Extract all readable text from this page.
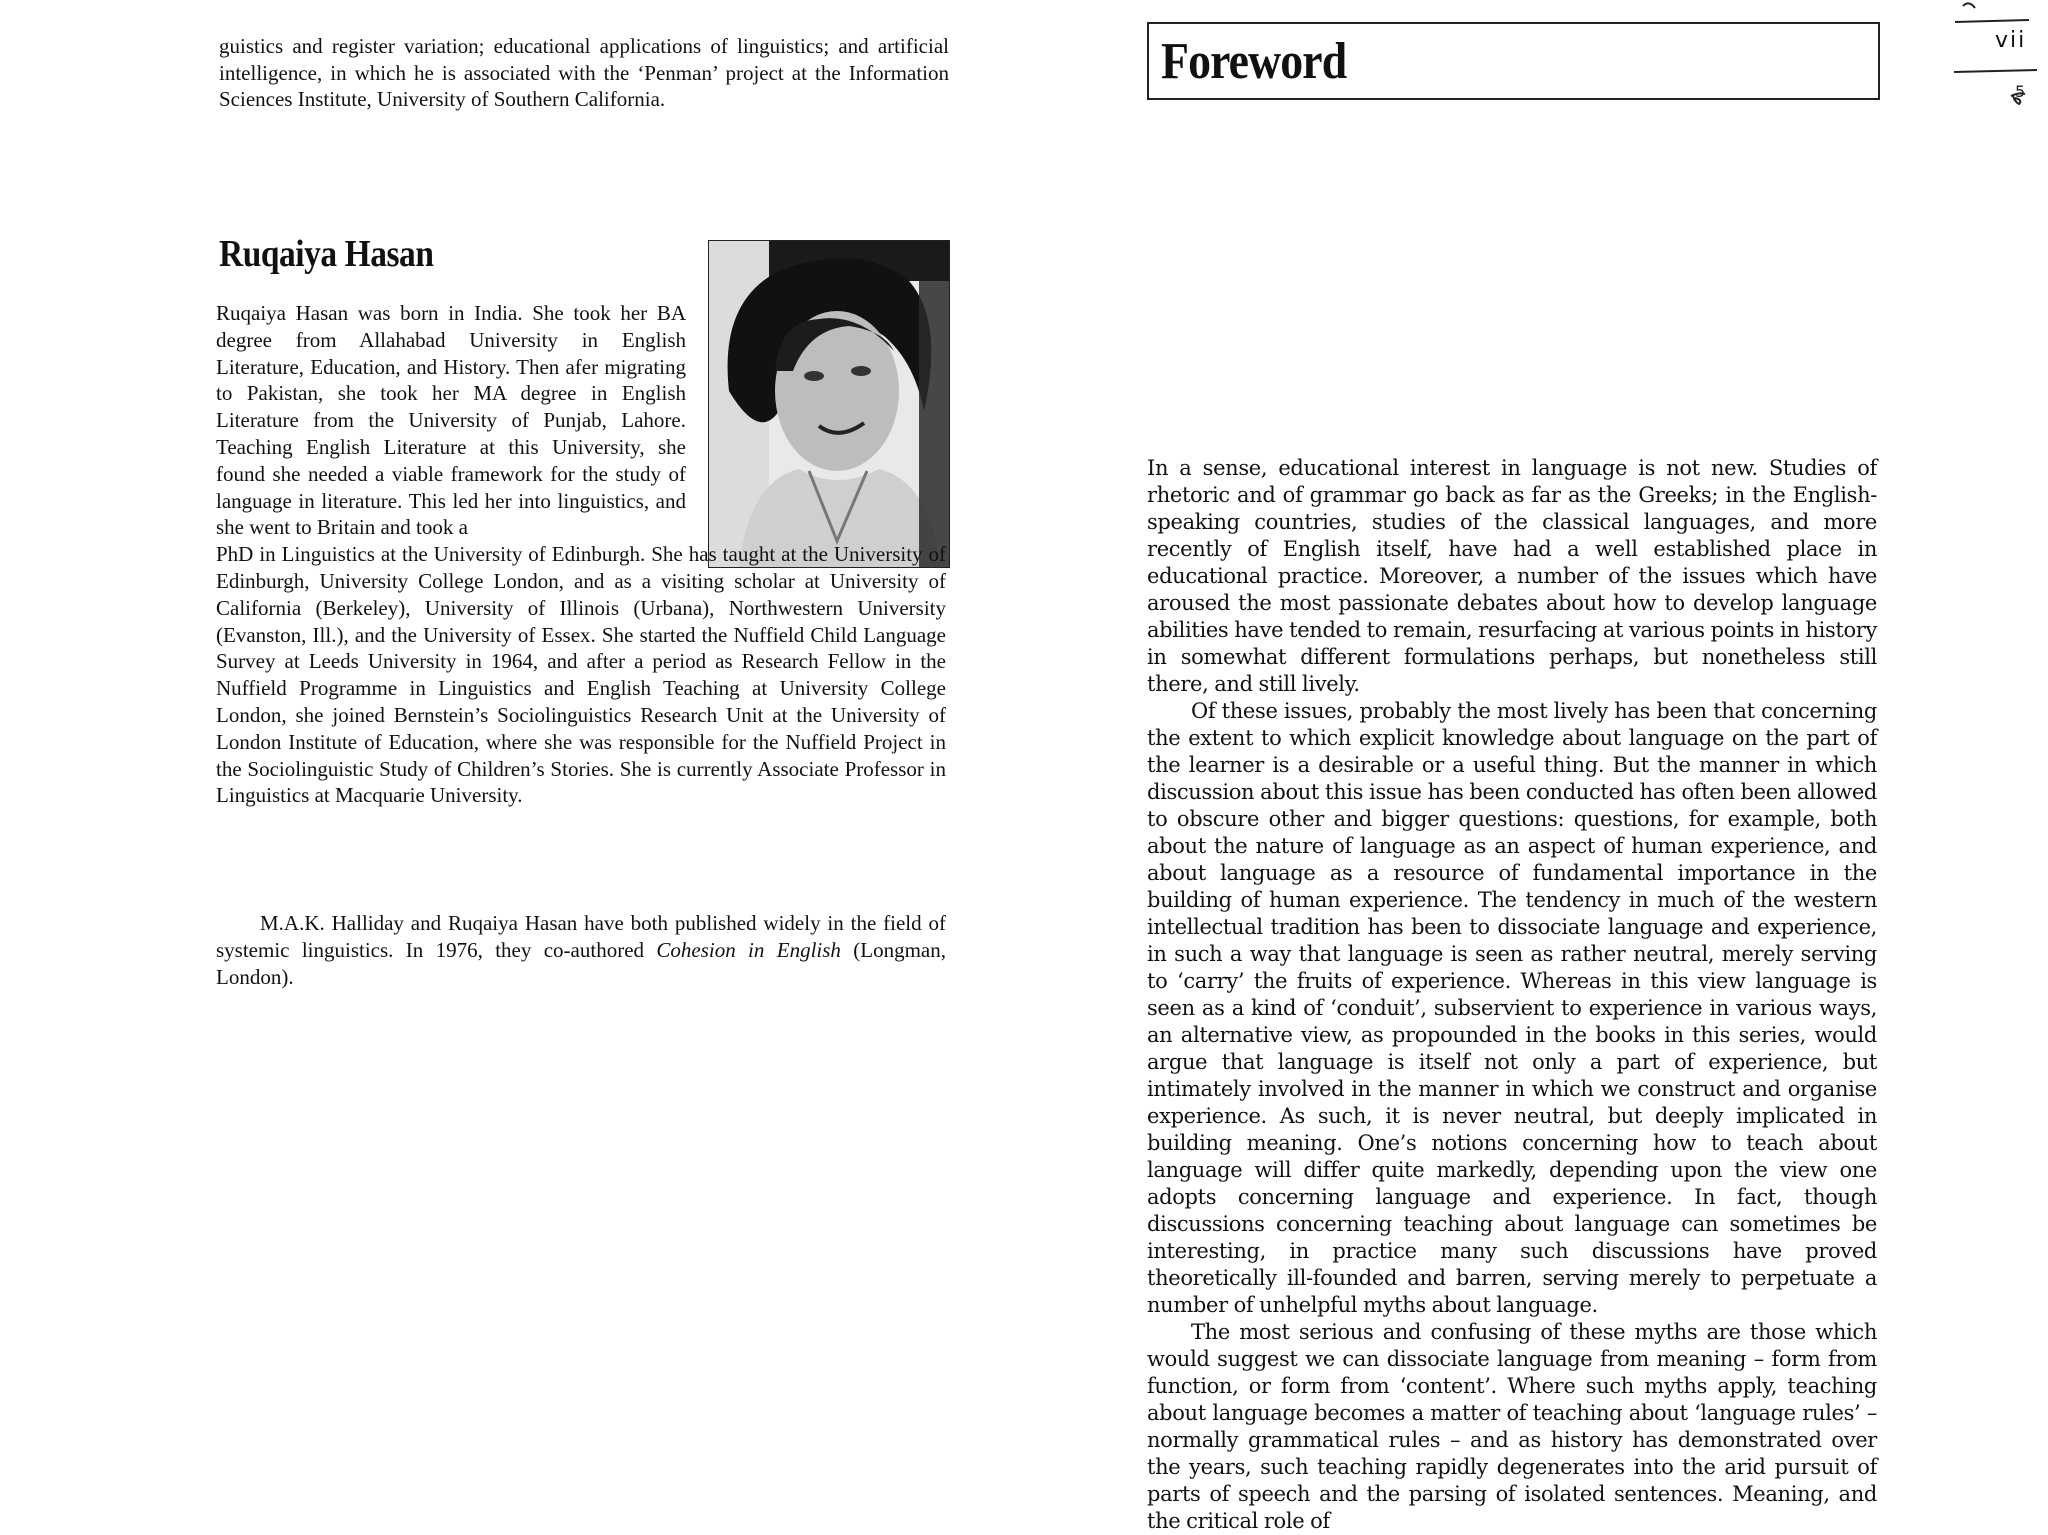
guistics and register variation; educational applications of linguistics; and artificial intelligence, in which he is associated with the ‘Penman’ project at the Information Sciences Institute, University of Southern California.
Ruqaiya Hasan
Ruqaiya Hasan was born in India. She took her BA degree from Allahabad University in English Literature, Education, and History. Then afer migrating to Pakistan, she took her MA degree in English Literature from the University of Punjab, Lahore. Teaching English Literature at this University, she found she needed a viable framework for the study of language in literature. This led her into linguistics, and she went to Britain and took a
PhD in Linguistics at the University of Edinburgh. She has taught at the University of Edinburgh, University College London, and as a visiting scholar at University of California (Berkeley), University of Illinois (Urbana), Northwestern University (Evanston, Ill.), and the University of Essex. She started the Nuffield Child Language Survey at Leeds University in 1964, and after a period as Research Fellow in the Nuffield Programme in Linguistics and English Teaching at University College London, she joined Bernstein’s Sociolinguistics Research Unit at the University of London Institute of Education, where she was responsible for the Nuffield Project in the Sociolinguistic Study of Children’s Stories. She is currently Associate Professor in Linguistics at Macquarie University.
M.A.K. Halliday and Ruqaiya Hasan have both published widely in the field of systemic linguistics. In 1976, they co-authored Cohesion in English (Longman, London).
Foreword	vii
5

In a sense, educational interest in language is not new. Studies of rhetoric and of grammar go back as far as the Greeks; in the English-speaking countries, studies of the classical languages, and more recently of English itself, have had a well established place in educational practice. Moreover, a number of the issues which have aroused the most passionate debates about how to develop language abilities have tended to remain, resurfacing at various points in history in somewhat different formulations perhaps, but nonetheless still there, and still lively.

Of these issues, probably the most lively has been that concerning the extent to which explicit knowledge about language on the part of the learner is a desirable or a useful thing. But the manner in which discussion about this issue has been conducted has often been allowed to obscure other and bigger questions: questions, for example, both about the nature of language as an aspect of human experience, and about language as a resource of fundamental importance in the building of human experience. The tendency in much of the western intellectual tradition has been to dissociate language and experience, in such a way that language is seen as rather neutral, merely serving to ‘carry’ the fruits of experience. Whereas in this view language is seen as a kind of ‘conduit’, subservient to experience in various ways, an alternative view, as propounded in the books in this series, would argue that language is itself not only a part of experience, but intimately involved in the manner in which we construct and organise experience. As such, it is never neutral, but deeply implicated in building meaning. One’s notions concerning how to teach about language will differ quite markedly, depending upon the view one adopts concerning language and experience. In fact, though discussions concerning teaching about language can sometimes be interesting, in practice many such discussions have proved theoretically ill-founded and barren, serving merely to perpetuate a number of unhelpful myths about language.

The most serious and confusing of these myths are those which would suggest we can dissociate language from meaning – form from function, or form from ‘content’. Where such myths apply, teaching about language becomes a matter of teaching about ‘language rules’ – normally grammatical rules – and as history has demonstrated over the years, such teaching rapidly degenerates into the arid pursuit of parts of speech and the parsing of isolated sentences. Meaning, and the critical role of
